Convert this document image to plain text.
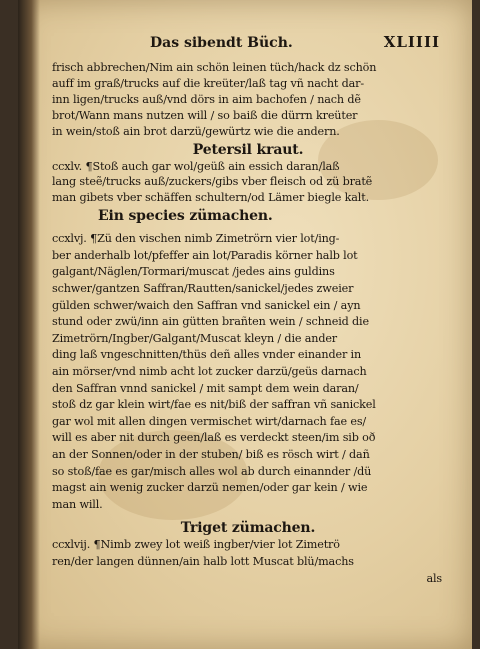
Das sibendt Büch.	XLIIII
frisch abbrechen/Nim ain schön leinen tüch/hack dz schön
auff im graß/trucks auf die kreüter/laß tag vñ nacht dar-
inn ligen/trucks auß/vnd dörs in aim bachofen / nach dẽ
brot/Wann mans nutzen will / so baiß die dürrn kreüter
in wein/stoß ain brot darzü/gewürtz wie die andern.
Petersil kraut.
ccxlv. ¶Stoß auch gar wol/geüß ain essich daran/laß
lang steẽ/trucks auß/zuckers/gibs vber fleisch od zü bratẽ
man gibets vber schäffen schultern/od Lämer biegle kalt.
Ein species zümachen.
ccxlvj. ¶Zü den vischen nimb Zimetrörn vier lot/ing-
ber anderhalb lot/pfeffer ain lot/Paradis körner halb lot
galgant/Näglen/Tormari/muscat /jedes ains guldins
schwer/gantzen Saffran/Rautten/sanickel/jedes zweier
gülden schwer/waich den Saffran vnd sanickel ein / ayn
stund oder zwü/inn ain gütten brañten wein / schneid die
Zimetrörn/Ingber/Galgant/Muscat kleyn / die ander
ding laß vngeschnitten/thüs deñ alles vnder einander in
ain mörser/vnd nimb acht lot zucker darzü/geüs darnach
den Saffran vnnd sanickel / mit sampt dem wein daran/
stoß dz gar klein wirt/fae es nit/biß der saffran vñ sanickel
gar wol mit allen dingen vermischet wirt/darnach fae es/
will es aber nit durch geen/laß es verdeckt steen/im sib oð
an der Sonnen/oder in der stuben/ biß es rösch wirt / dañ
so stoß/fae es gar/misch alles wol ab durch einannder /dü
magst ain wenig zucker darzü nemen/oder gar kein / wie
man will.
Triget zümachen.
ccxlvij. ¶Nimb zwey lot weiß ingber/vier lot Zimetrö
ren/der langen dünnen/ain halb lott Muscat blü/machs
als
